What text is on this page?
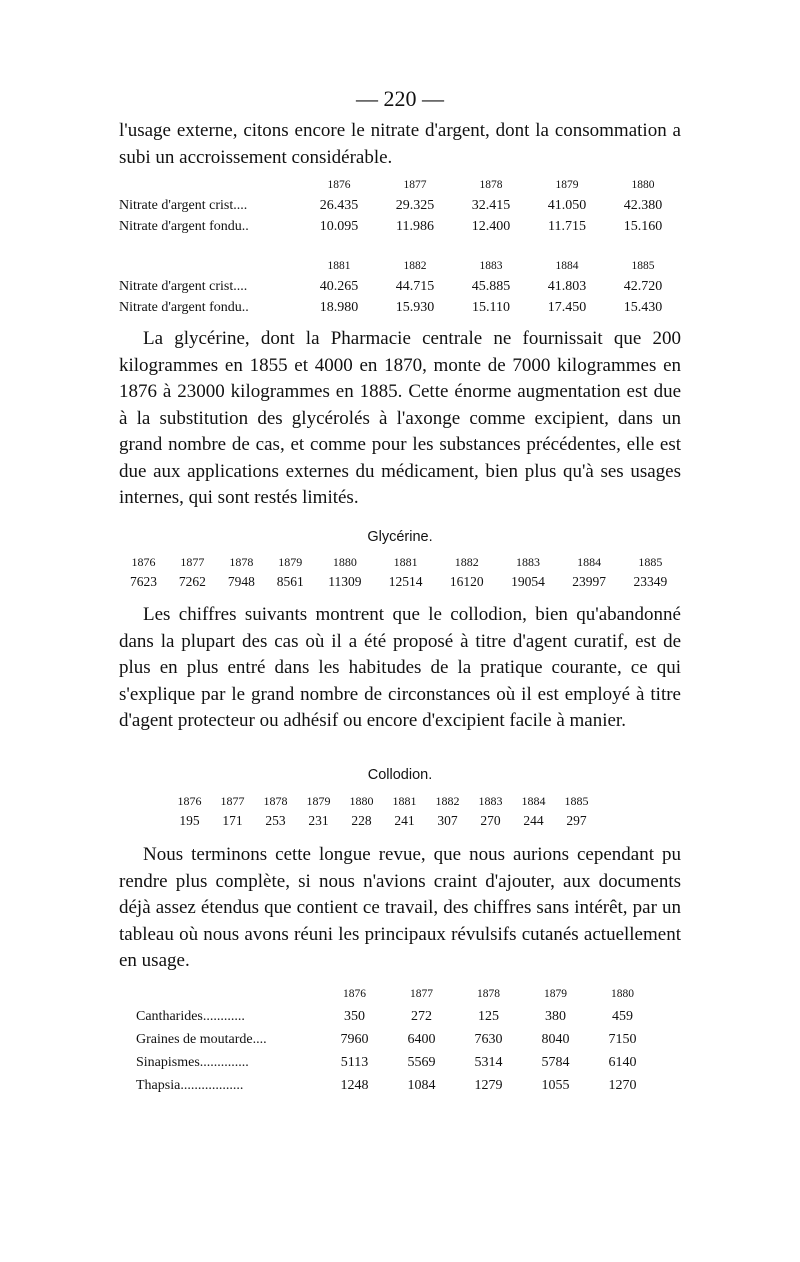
— 220 —

l'usage externe, citons encore le nitrate d'argent, dont la consommation a subi un accroissement considérable.

	1876	1877	1878	1879	1880
Nitrate d'argent crist....	26.435	29.325	32.415	41.050	42.380
Nitrate d'argent fondu..	10.095	11.986	12.400	11.715	15.160
	1881	1882	1883	1884	1885
Nitrate d'argent crist....	40.265	44.715	45.885	41.803	42.720
Nitrate d'argent fondu..	18.980	15.930	15.110	17.450	15.430

La glycérine, dont la Pharmacie centrale ne fournissait que 200 kilogrammes en 1855 et 4000 en 1870, monte de 7000 kilogrammes en 1876 à 23000 kilogrammes en 1885. Cette énorme augmentation est due à la substitution des glycérolés à l'axonge comme excipient, dans un grand nombre de cas, et comme pour les substances précédentes, elle est due aux applications externes du médicament, bien plus qu'à ses usages internes, qui sont restés limités.

Glycérine.
1876	1877	1878	1879	1880	1881	1882	1883	1884	1885
7623	7262	7948	8561	11309	12514	16120	19054	23997	23349

Les chiffres suivants montrent que le collodion, bien qu'abandonné dans la plupart des cas où il a été proposé à titre d'agent curatif, est de plus en plus entré dans les habitudes de la pratique courante, ce qui s'explique par le grand nombre de circonstances où il est employé à titre d'agent protecteur ou adhésif ou encore d'excipient facile à manier.

Collodion.
1876	1877	1878	1879	1880	1881	1882	1883	1884	1885
195	171	253	231	228	241	307	270	244	297

Nous terminons cette longue revue, que nous aurions cependant pu rendre plus complète, si nous n'avions craint d'ajouter, aux documents déjà assez étendus que contient ce travail, des chiffres sans intérêt, par un tableau où nous avons réuni les principaux révulsifs cutanés actuellement en usage.

	1876	1877	1878	1879	1880
Cantharides............	350	272	125	380	459
Graines de moutarde....	7960	6400	7630	8040	7150
Sinapismes..............	5113	5569	5314	5784	6140
Thapsia..................	1248	1084	1279	1055	1270
